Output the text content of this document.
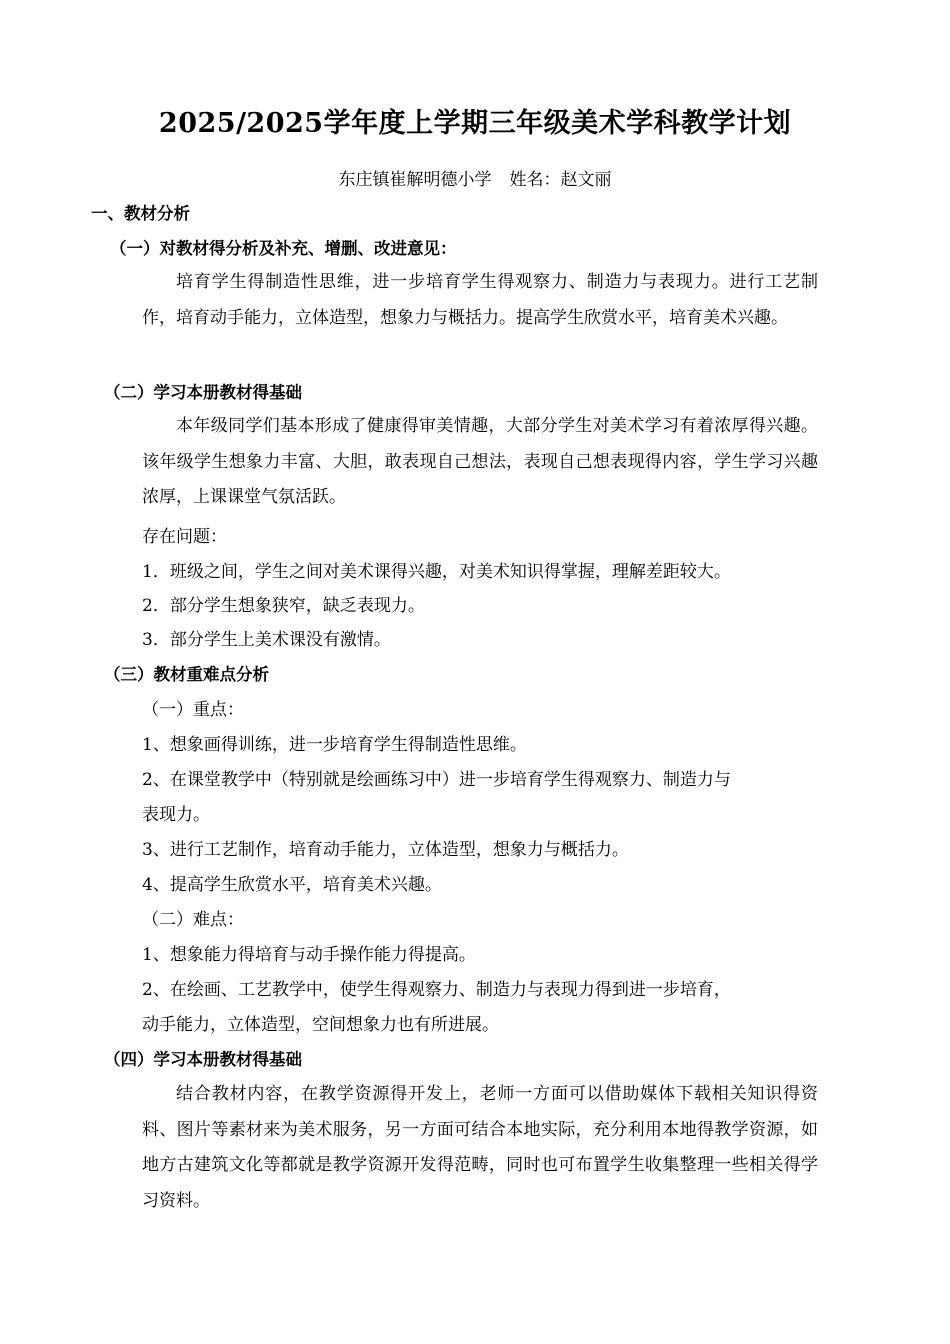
2025/2025学年度上学期三年级美术学科教学计划
东庄镇崔解明德小学 姓名：赵文丽
一、教材分析
（一）对教材得分析及补充、增删、改进意见：
培育学生得制造性思维，进一步培育学生得观察力、制造力与表现力。进行工艺制作，培育动手能力，立体造型，想象力与概括力。提高学生欣赏水平，培育美术兴趣。
（二）学习本册教材得基础
本年级同学们基本形成了健康得审美情趣，大部分学生对美术学习有着浓厚得兴趣。该年级学生想象力丰富、大胆，敢表现自己想法，表现自己想表现得内容，学生学习兴趣浓厚，上课课堂气氛活跃。
存在问题：
1．班级之间，学生之间对美术课得兴趣，对美术知识得掌握，理解差距较大。
2．部分学生想象狭窄，缺乏表现力。
3．部分学生上美术课没有激情。
（三）教材重难点分析
（一）重点：
1、想象画得训练，进一步培育学生得制造性思维。
2、在课堂教学中（特别就是绘画练习中）进一步培育学生得观察力、制造力与
表现力。
3、进行工艺制作，培育动手能力，立体造型，想象力与概括力。
4、提高学生欣赏水平，培育美术兴趣。
（二）难点：
1、想象能力得培育与动手操作能力得提高。
2、在绘画、工艺教学中，使学生得观察力、制造力与表现力得到进一步培育，
动手能力，立体造型，空间想象力也有所进展。
（四）学习本册教材得基础
结合教材内容，在教学资源得开发上，老师一方面可以借助媒体下载相关知识得资料、图片等素材来为美术服务，另一方面可结合本地实际，充分利用本地得教学资源，如地方古建筑文化等都就是教学资源开发得范畴，同时也可布置学生收集整理一些相关得学习资料。
